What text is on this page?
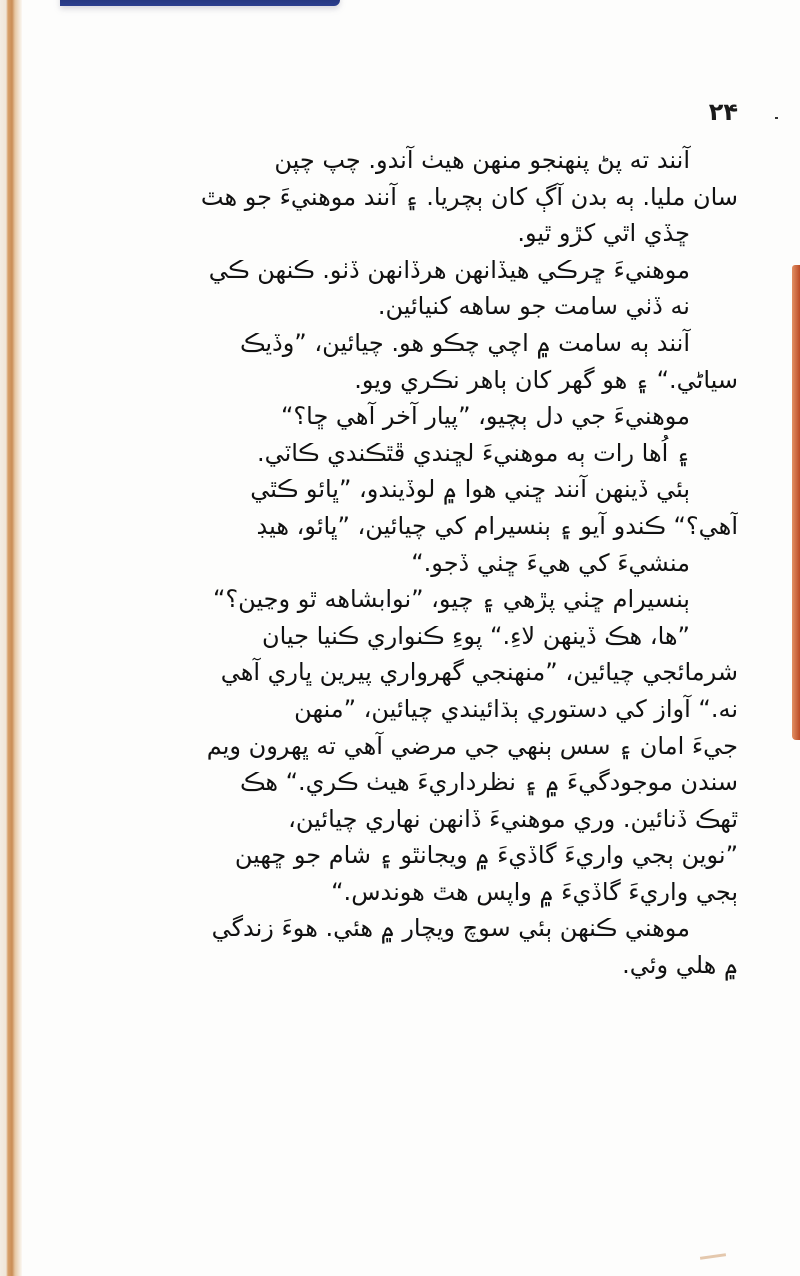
۲۴
آنند ته پڻ پنهنجو منهن هيٺ آندو. چپ چپن
سان مليا. ٻه بدن آڳ کان ٻچريا. ۽ آنند موهنيءَ جو هٿ
ڇڏي اٿي کڙو ٿيو.
موهنيءَ ڇرڪي هيڏانهن هرڏانهن ڏٺو. ڪنهن ڪي
نه ڏٺي سامت جو ساهه کنيائين.
آنند ٻه سامت ۾ اچي چڪو هو. چيائين، ”وڏيڪ
سياڻي.“ ۽ هو گهر کان ٻاهر نڪري ويو.
موهنيءَ جي دل ٻچيو، ”پيار آخر آهي ڇا؟“
۽ اُها رات ٻه موهنيءَ لڇندي ڦٿڪندي ڪاٽي.
ٻئي ڏينهن آنند ڇني هوا ۾ لوڏيندو، ”ڀائو ڪٿي
آهي؟“ ڪندو آيو ۽ ٻنسيرام کي چيائين، ”ڀائو، هيڊ
منشيءَ کي هيءَ ڇٺي ڏجو.“
ٻنسيرام ڇٺي پڙهي ۽ چيو، ”نوابشاهه ٿو وڃين؟“
”ها، هڪ ڏينهن لاءِ.“ پوءِ ڪنواري ڪنيا جيان
شرمائجي چيائين، ”منهنجي گهرواري پيرين ڀاري آهي
نه.“ آواز کي دستوري ٻڌائيندي چيائين، ”منهن
جيءَ امان ۽ سس ٻنهي جي مرضي آهي ته ڀهرون ويم
سندن موجودگيءَ ۾ ۽ نظرداريءَ هيٺ ڪري.“ هڪ
ٿهڪ ڏنائين. وري موهنيءَ ڏانهن نهاري چيائين،
”نوين ٻجي واريءَ گاڏيءَ ۾ ويجانٿو ۽ شام جو ڇهين
ٻجي واريءَ گاڏيءَ ۾ واپس هٿ هوندس.“
موهني ڪنهن ٻئي سوچ ويچار ۾ هئي. هوءَ زندگي
۾ هلي وئي.
